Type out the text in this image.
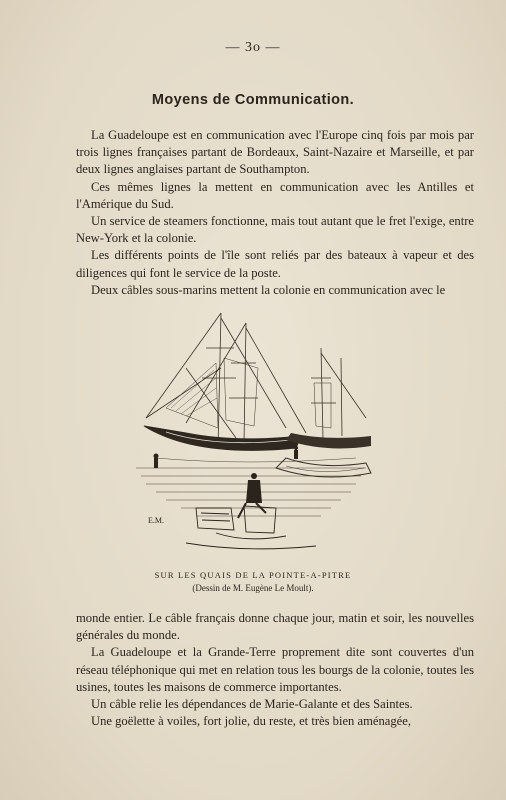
— 3o —
Moyens de Communication.

La Guadeloupe est en communication avec l'Europe cinq fois par mois par trois lignes françaises partant de Bordeaux, Saint-Nazaire et Marseille, et par deux lignes anglaises partant de Southampton.

Ces mêmes lignes la mettent en communication avec les Antilles et l'Amérique du Sud.

Un service de steamers fonctionne, mais tout autant que le fret l'exige, entre New-York et la colonie.

Les différents points de l'île sont reliés par des bateaux à vapeur et des diligences qui font le service de la poste.

Deux câbles sous-marins mettent la colonie en communication avec le

E.M.
SUR LES QUAIS DE LA POINTE-A-PITRE
(Dessin de M. Eugène Le Moult).

monde entier. Le câble français donne chaque jour, matin et soir, les nouvelles générales du monde.

La Guadeloupe et la Grande-Terre proprement dite sont couvertes d'un réseau téléphonique qui met en relation tous les bourgs de la colonie, toutes les usines, toutes les maisons de commerce importantes.

Un câble relie les dépendances de Marie-Galante et des Saintes.

Une goëlette à voiles, fort jolie, du reste, et très bien aménagée,
